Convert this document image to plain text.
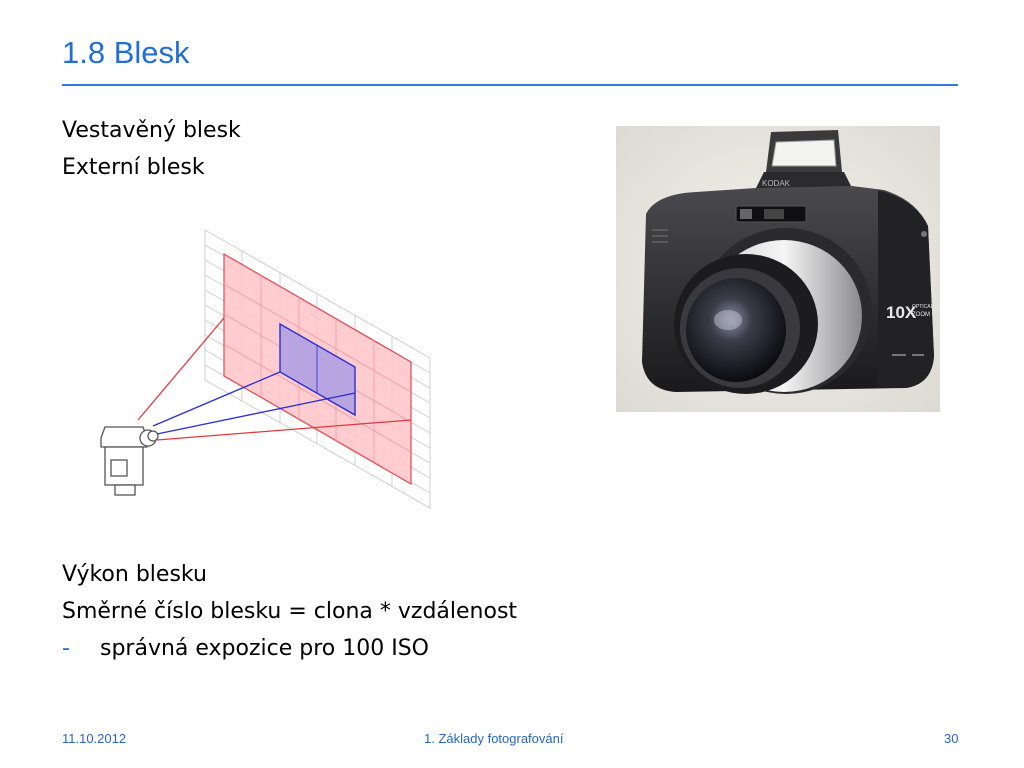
1.8 Blesk
Vestavěný blesk
Externí blesk
KODAK
10X
OPTICAL
ZOOM
Výkon blesku
Směrné číslo blesku = clona * vzdálenost
- správná expozice pro 100 ISO
11.10.2012	1. Základy fotografování	30
